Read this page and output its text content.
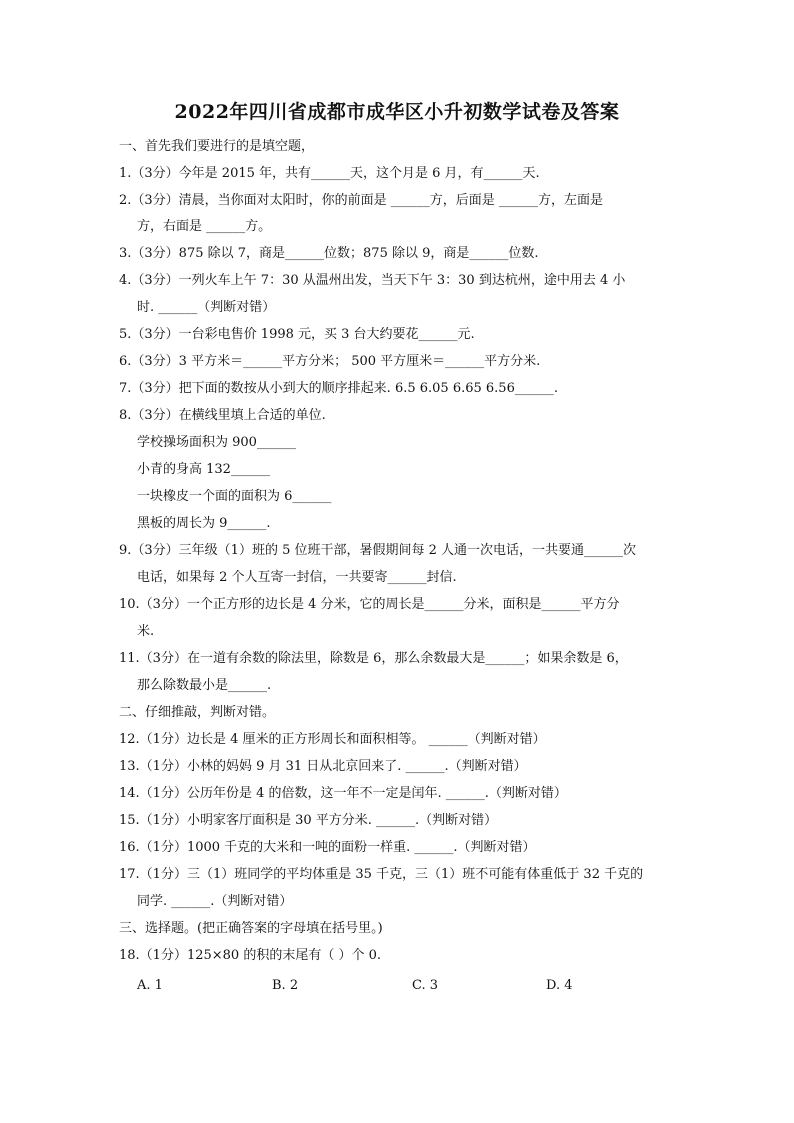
2022年四川省成都市成华区小升初数学试卷及答案
一、首先我们要进行的是填空题，
1.（3分）今年是 2015 年，共有______天，这个月是 6 月，有______天.
2.（3分）清晨，当你面对太阳时，你的前面是 ______方，后面是 ______方，左面是
方，右面是 ______方。
3.（3分）875 除以 7，商是______位数；875 除以 9，商是______位数.
4.（3分）一列火车上午 7：30 从温州出发，当天下午 3：30 到达杭州，途中用去 4 小
时. ______（判断对错）
5.（3分）一台彩电售价 1998 元，买 3 台大约要花______元.
6.（3分）3 平方米＝______平方分米； 500 平方厘米＝______平方分米.
7.（3分）把下面的数按从小到大的顺序排起来. 6.5 6.05 6.65 6.56______.
8.（3分）在横线里填上合适的单位.
学校操场面积为 900______
小青的身高 132______
一块橡皮一个面的面积为 6______
黑板的周长为 9______.
9.（3分）三年级（1）班的 5 位班干部，暑假期间每 2 人通一次电话，一共要通______次
电话，如果每 2 个人互寄一封信，一共要寄______封信.
10.（3分）一个正方形的边长是 4 分米，它的周长是______分米，面积是______平方分
米.
11.（3分）在一道有余数的除法里，除数是 6，那么余数最大是______；如果余数是 6，
那么除数最小是______.
二、仔细推敲，判断对错。
12.（1分）边长是 4 厘米的正方形周长和面积相等。 ______（判断对错）
13.（1分）小林的妈妈 9 月 31 日从北京回来了. ______.（判断对错）
14.（1分）公历年份是 4 的倍数，这一年不一定是闰年. ______.（判断对错）
15.（1分）小明家客厅面积是 30 平方分米. ______.（判断对错）
16.（1分）1000 千克的大米和一吨的面粉一样重. ______.（判断对错）
17.（1分）三（1）班同学的平均体重是 35 千克，三（1）班不可能有体重低于 32 千克的
同学. ______.（判断对错）
三、选择题。(把正确答案的字母填在括号里。)
18.（1分）125×80 的积的末尾有（ ）个 0.
A. 1	B. 2	C. 3	D. 4
